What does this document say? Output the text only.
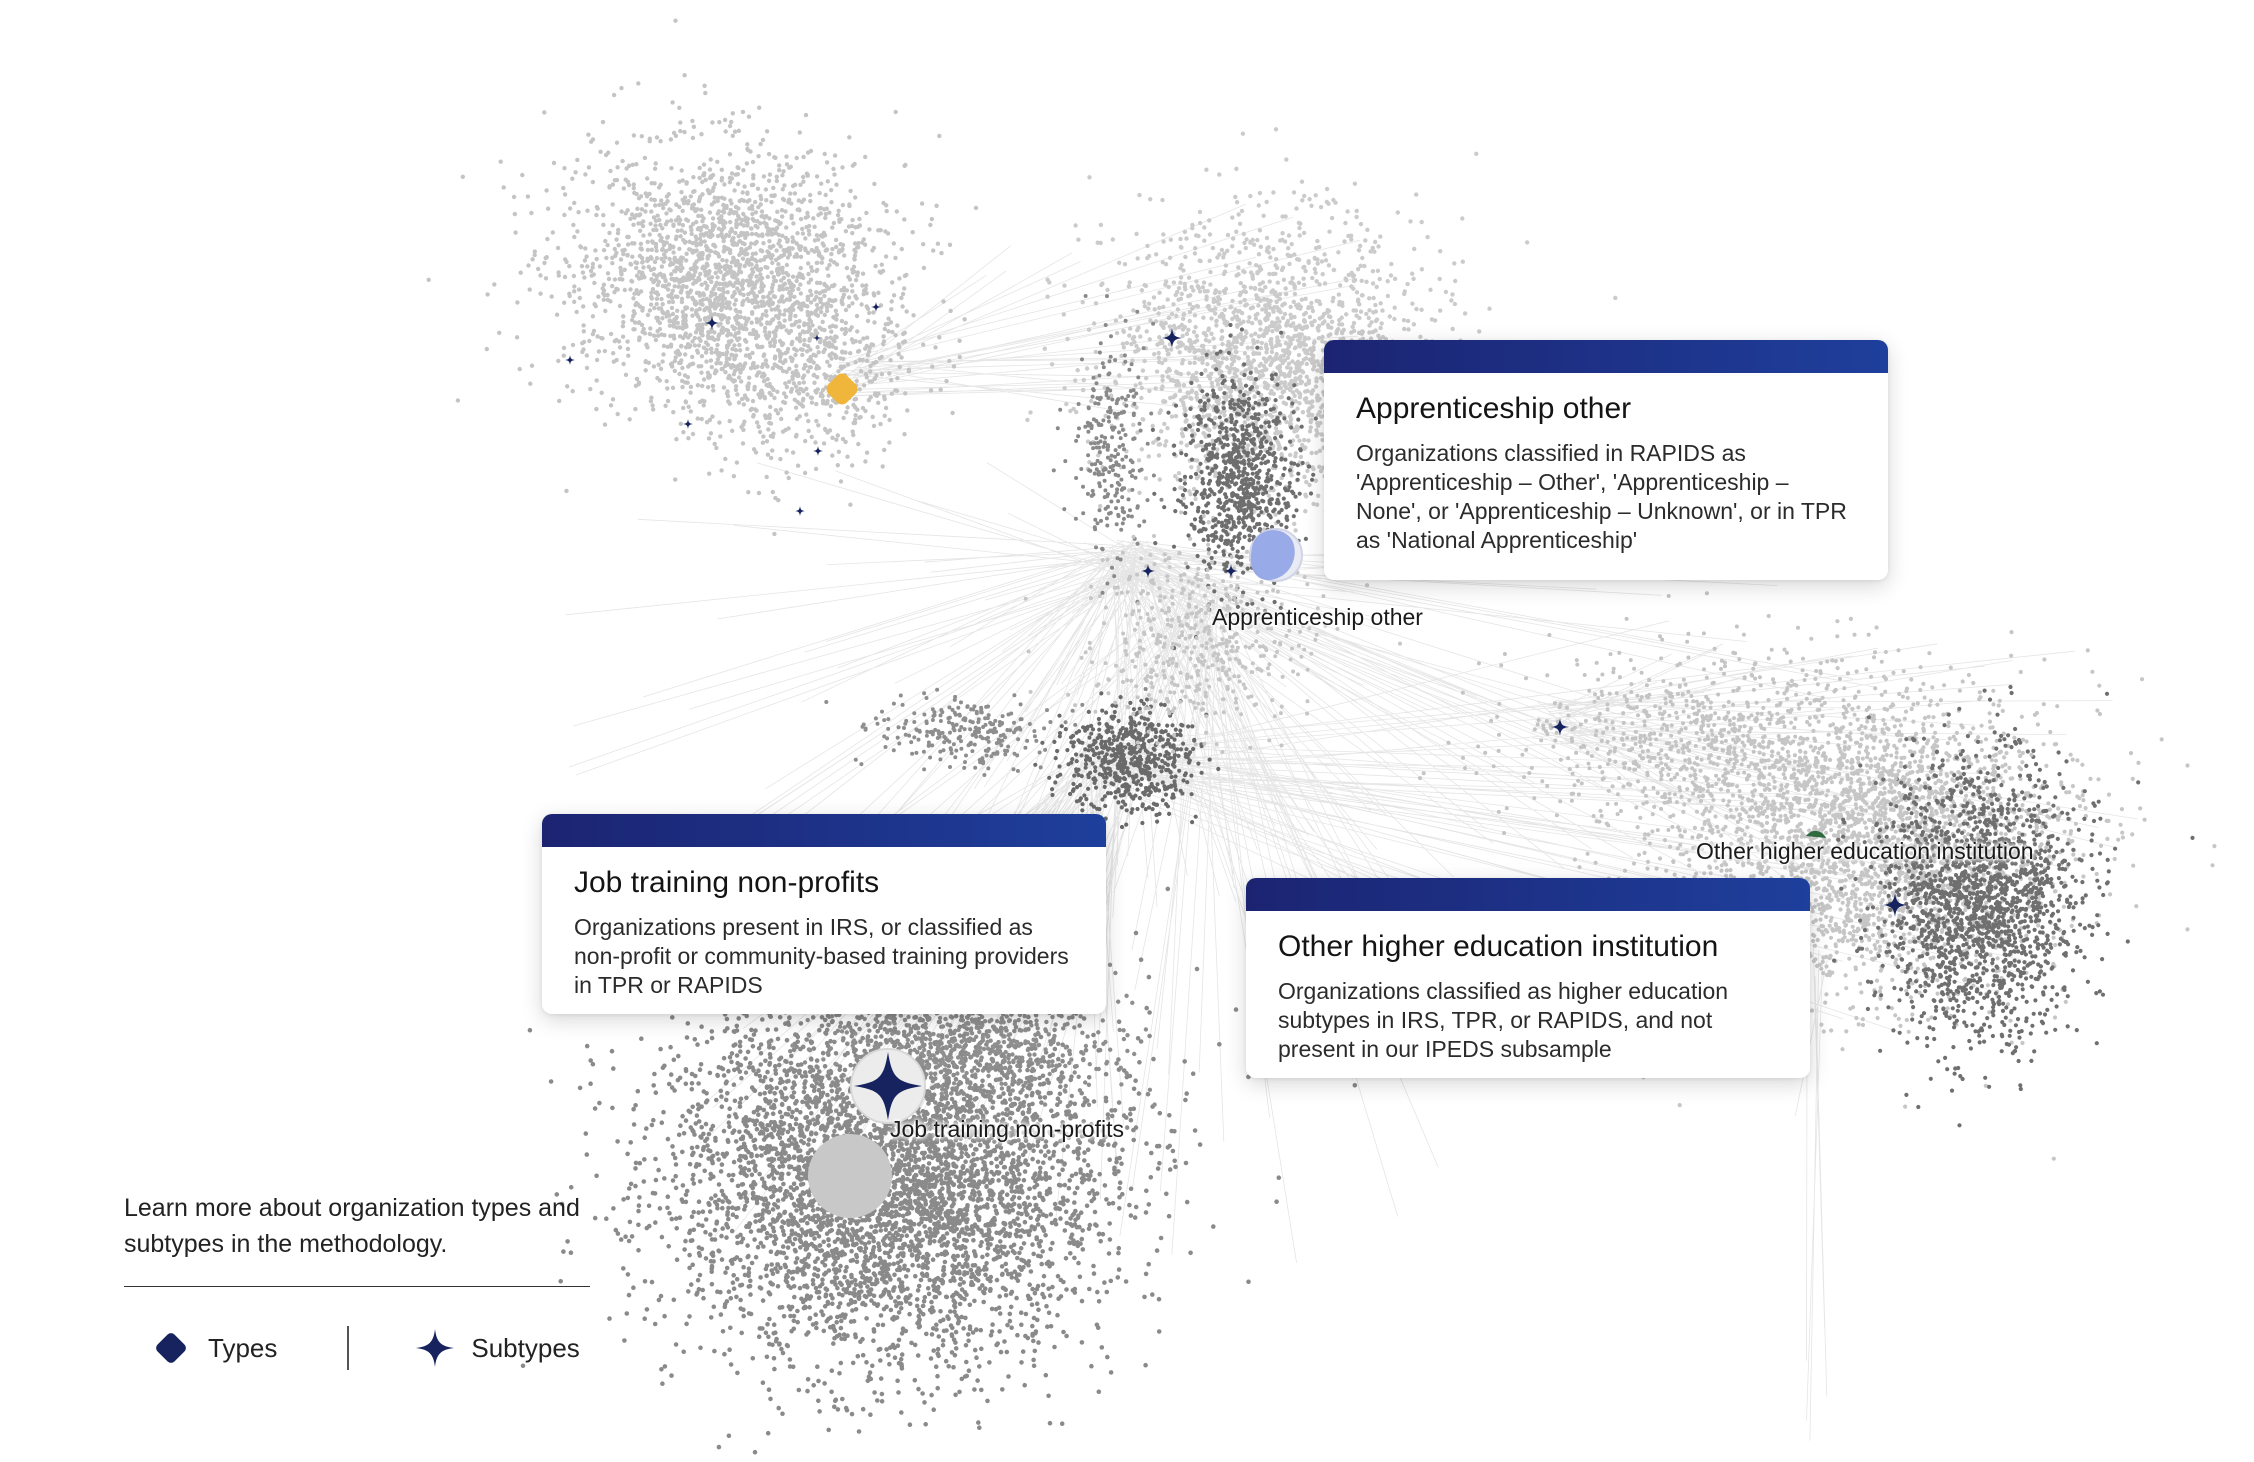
Apprenticeship other
Job training non-profits
Other higher education institution
Apprenticeship other
Organizations classified in RAPIDS as 'Apprenticeship – Other', 'Apprenticeship – None', or 'Apprenticeship – Unknown', or in TPR as 'National Apprenticeship'
Job training non-profits
Organizations present in IRS, or classified as non-profit or community-based training providers in TPR or RAPIDS
Other higher education institution
Organizations classified as higher education subtypes in IRS, TPR, or RAPIDS, and not present in our IPEDS subsample
Learn more about organization types and subtypes in the methodology.
Types	Subtypes
